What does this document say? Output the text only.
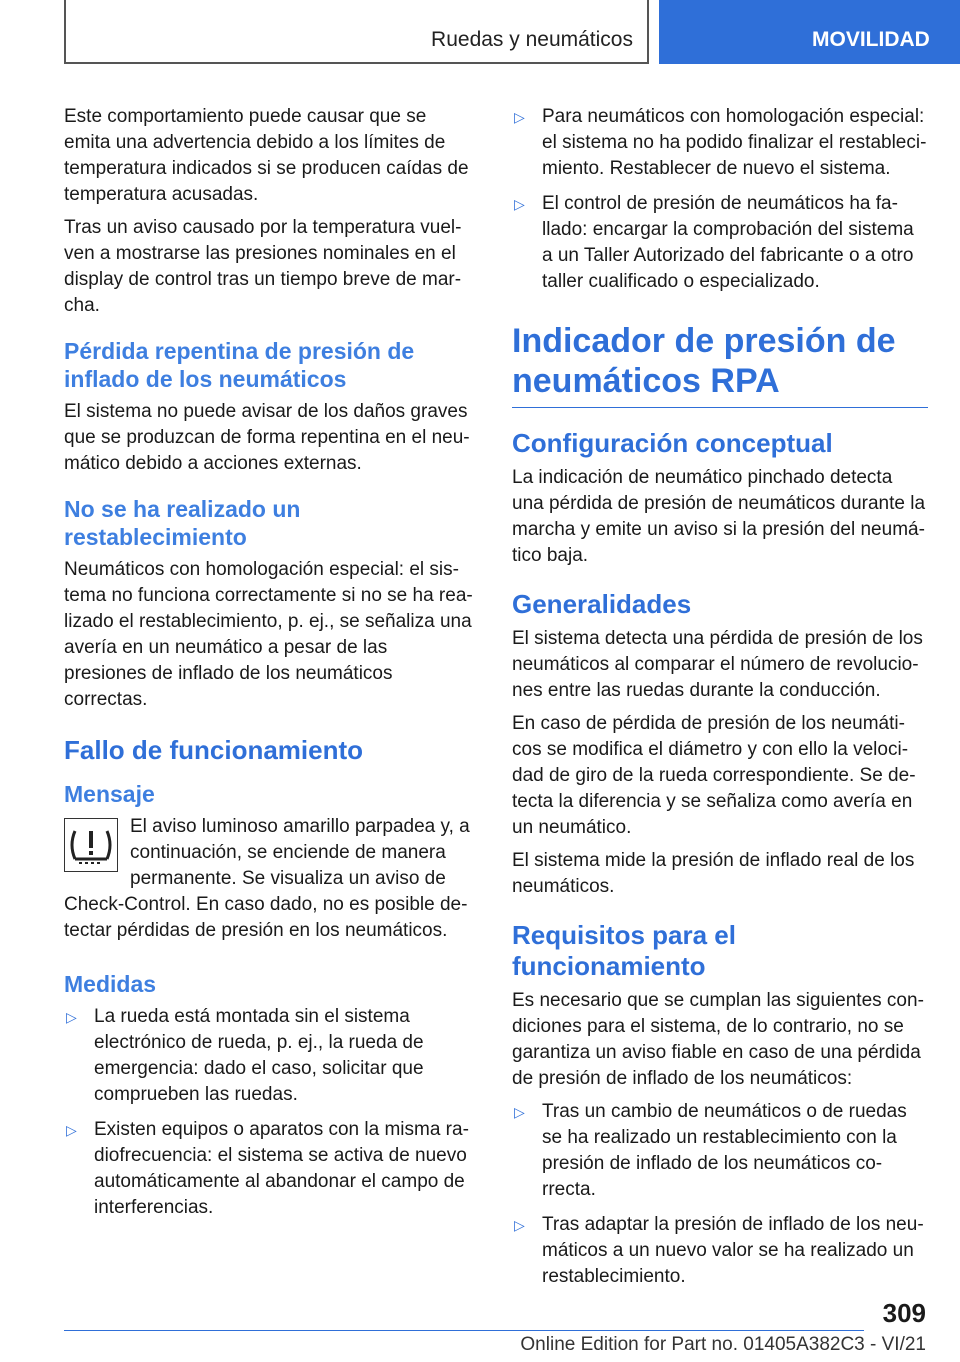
Ruedas y neumáticos	MOVILIDAD

Este comportamiento puede causar que se emita una advertencia debido a los límites de temperatura indicados si se producen caídas de temperatura acusadas.

Tras un aviso causado por la temperatura vuelven a mostrarse las presiones nominales en el display de control tras un tiempo breve de marcha.

Pérdida repentina de presión de inflado de los neumáticos

El sistema no puede avisar de los daños graves que se produzcan de forma repentina en el neumático debido a acciones externas.

No se ha realizado un restablecimiento

Neumáticos con homologación especial: el sistema no funciona correctamente si no se ha realizado el restablecimiento, p. ej., se señaliza una avería en un neumático a pesar de las presiones de inflado de los neumáticos correctas.

Fallo de funcionamiento
Mensaje

El aviso luminoso amarillo parpadea y, a continuación, se enciende de manera permanente. Se visualiza un aviso de Check-Control. En caso dado, no es posible detectar pérdidas de presión en los neumáticos.

Medidas
▷ La rueda está montada sin el sistema electrónico de rueda, p. ej., la rueda de emergencia: dado el caso, solicitar que comprueben las ruedas.
▷ Existen equipos o aparatos con la misma radiofrecuencia: el sistema se activa de nuevo automáticamente al abandonar el campo de interferencias.
▷ Para neumáticos con homologación especial: el sistema no ha podido finalizar el restablecimiento. Restablecer de nuevo el sistema.
▷ El control de presión de neumáticos ha fallado: encargar la comprobación del sistema a un Taller Autorizado del fabricante o a otro taller cualificado o especializado.
Indicador de presión de neumáticos RPA
Configuración conceptual

La indicación de neumático pinchado detecta una pérdida de presión de neumáticos durante la marcha y emite un aviso si la presión del neumático baja.

Generalidades

El sistema detecta una pérdida de presión de los neumáticos al comparar el número de revoluciones entre las ruedas durante la conducción.

En caso de pérdida de presión de los neumáticos se modifica el diámetro y con ello la velocidad de giro de la rueda correspondiente. Se detecta la diferencia y se señaliza como avería en un neumático.

El sistema mide la presión de inflado real de los neumáticos.

Requisitos para el funcionamiento

Es necesario que se cumplan las siguientes condiciones para el sistema, de lo contrario, no se garantiza un aviso fiable en caso de una pérdida de presión de inflado de los neumáticos:

▷ Tras un cambio de neumáticos o de ruedas se ha realizado un restablecimiento con la presión de inflado de los neumáticos correcta.
▷ Tras adaptar la presión de inflado de los neumáticos a un nuevo valor se ha realizado un restablecimiento.
309
Online Edition for Part no. 01405A382C3 - VI/21
